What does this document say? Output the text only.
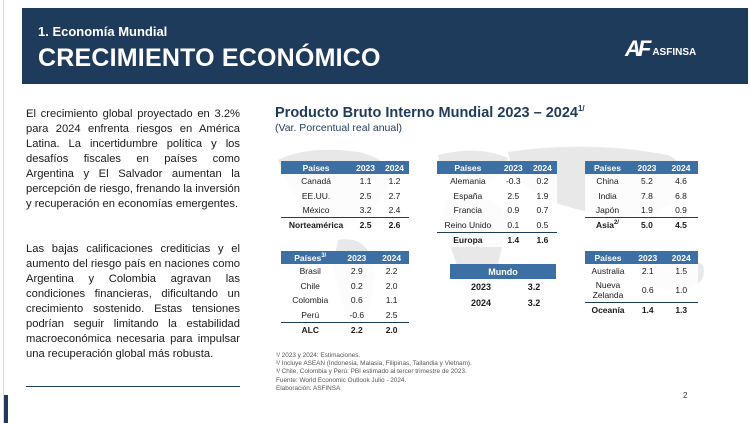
1. Economía Mundial
CRECIMIENTO ECONÓMICO	AF ASFINSA

El crecimiento global proyectado en 3.2% para 2024 enfrenta riesgos en América Latina. La incertidumbre política y los desafíos fiscales en países como Argentina y El Salvador aumentan la percepción de riesgo, frenando la inversión y recuperación en economías emergentes.

Las bajas calificaciones crediticias y el aumento del riesgo país en naciones como Argentina y Colombia agravan las condiciones financieras, dificultando un crecimiento sostenido. Estas tensiones podrían seguir limitando la estabilidad macroeconómica necesaria para impulsar una recuperación global más robusta.

Producto Bruto Interno Mundial $2023 - 2024^{1/}$
(Var. Porcentual real anual)
Países	2023	2024
Canadá	1.1	1.2
EE.UU.	2.5	2.7
México	3.2	2.4
Norteamérica	2.5	2.6
Países	2023	2024
Alemania	-0.3	0.2
España	2.5	1.9
Francia	0.9	0.7
Reino Unido	0.1	0.5
Europa	1.4	1.6
Países	2023	2024
China	5.2	4.6
India	7.8	6.8
Japón	1.9	0.9
Asia$^{2/}$	5.0	4.5
Países$^{3/}$	2023	2024
Brasil	2.9	2.2
Chile	0.2	2.0
Colombia	0.6	1.1
Perú	-0.6	2.5
ALC	2.2	2.0
Mundo	
2023	3.2
2024	3.2
Países	2023	2024
Australia	2.1	1.5
Nueva Zelanda	0.6	1.0
Oceanía	1.4	1.3
¹/ 2023 y 2024: Estimaciones.
²/ Incluye ASEAN (Indonesia, Malasia, Filipinas, Tailandia y Vietnam).
³/ Chile, Colombia y Perú: PBI estimado al tercer trimestre de 2023.
Fuente: World Economic Outlook Julio - 2024.
Elaboración: ASFINSA
2
